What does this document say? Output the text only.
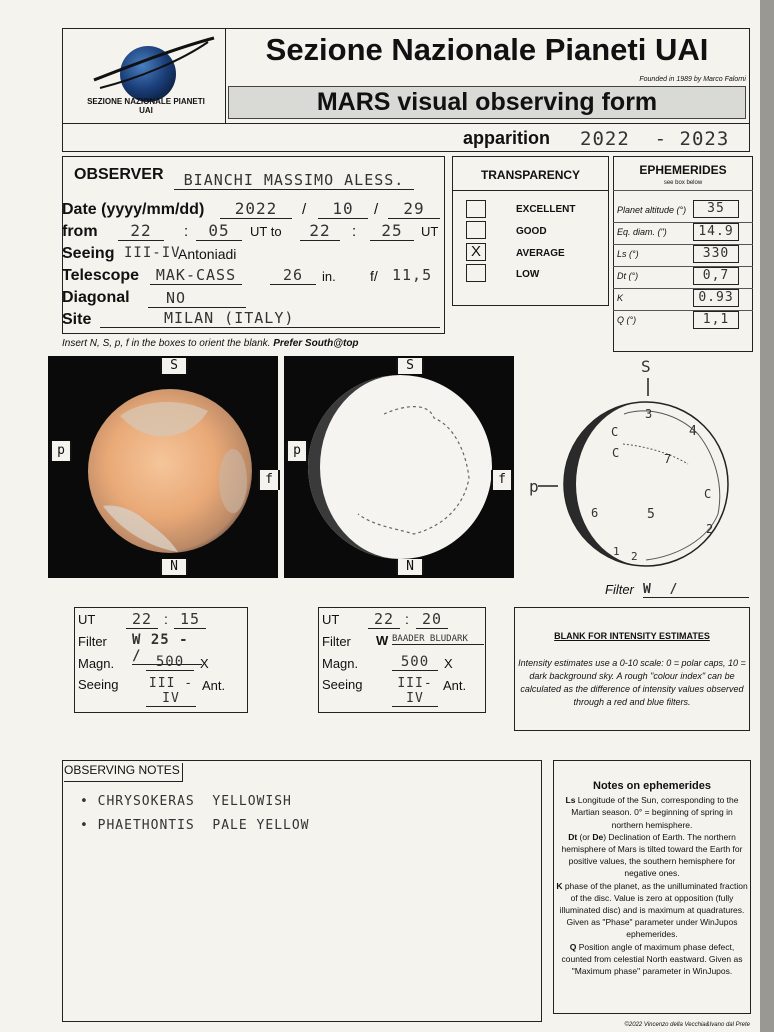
SEZIONE NAZIONALE PIANETI
UAI
Sezione Nazionale Pianeti UAI
Founded in 1989 by Marco Falorni
MARS visual observing form
apparition 2022  - 2023
OBSERVER	BIANCHI MASSIMO ALESS.
Date (yyyy/mm/dd)	2022	/	10	/	29
from	22	:	05	UT to	22	:	25	UT
Seeing III-IV
Antoniadi
Telescope	MAK-CASS	26	in. f/ 11,5
Diagonal	NO
Site	MILAN (ITALY)
Insert N, S, p, f in the boxes to orient the blank. Prefer South@top
TRANSPARENCY
EXCELLENT
GOOD
X	AVERAGE
LOW
EPHEMERIDES
see box below
Planet altitude (°)	35
Eq. diam. (")	14.9
Ls (°)	330
Dt (°)	0,7
K	0.93
Q (°)	1,1
S
N
p
f
S
N
p
f
S
p
3
4
C
C	7
C
6	5
2
1 2
Filter W  /
UT	22 : 15
Filter W 25 - /
Magn.	500	X
Seeing III - IV
Ant.
UT	22 : 20
Filter W BAADER BLUDARK
Magn.	500	X
Seeing	III-IV
Ant.
BLANK FOR INTENSITY ESTIMATES
Intensity estimates use a 0-10 scale: 0 = polar caps, 10 = dark background sky. A rough "colour index" can be calculated as the difference of intensity values observed through a red and blue filters.
OBSERVING NOTES
• CHRYSOKERAS  YELLOWISH
• PHAETHONTIS  PALE YELLOW
Notes on ephemerides
Ls Longitude of the Sun, corresponding to the Martian season. 0° = beginning of spring in northern hemisphere.
Dt (or De) Declination of Earth. The northern hemisphere of Mars is tilted toward the Earth for positive values, the southern hemisphere for negative ones.
K phase of the planet, as the unilluminated fraction of the disc. Value is zero at opposition (fully illuminated disc) and is maximum at quadratures. Given as "Phase" parameter under WinJupos ephemerides.
Q Position angle of maximum phase defect, counted from celestial North eastward. Given as "Maximum phase" parameter in WinJupos.
©2022 Vincenzo della Vecchia&Ivano dal Prete
